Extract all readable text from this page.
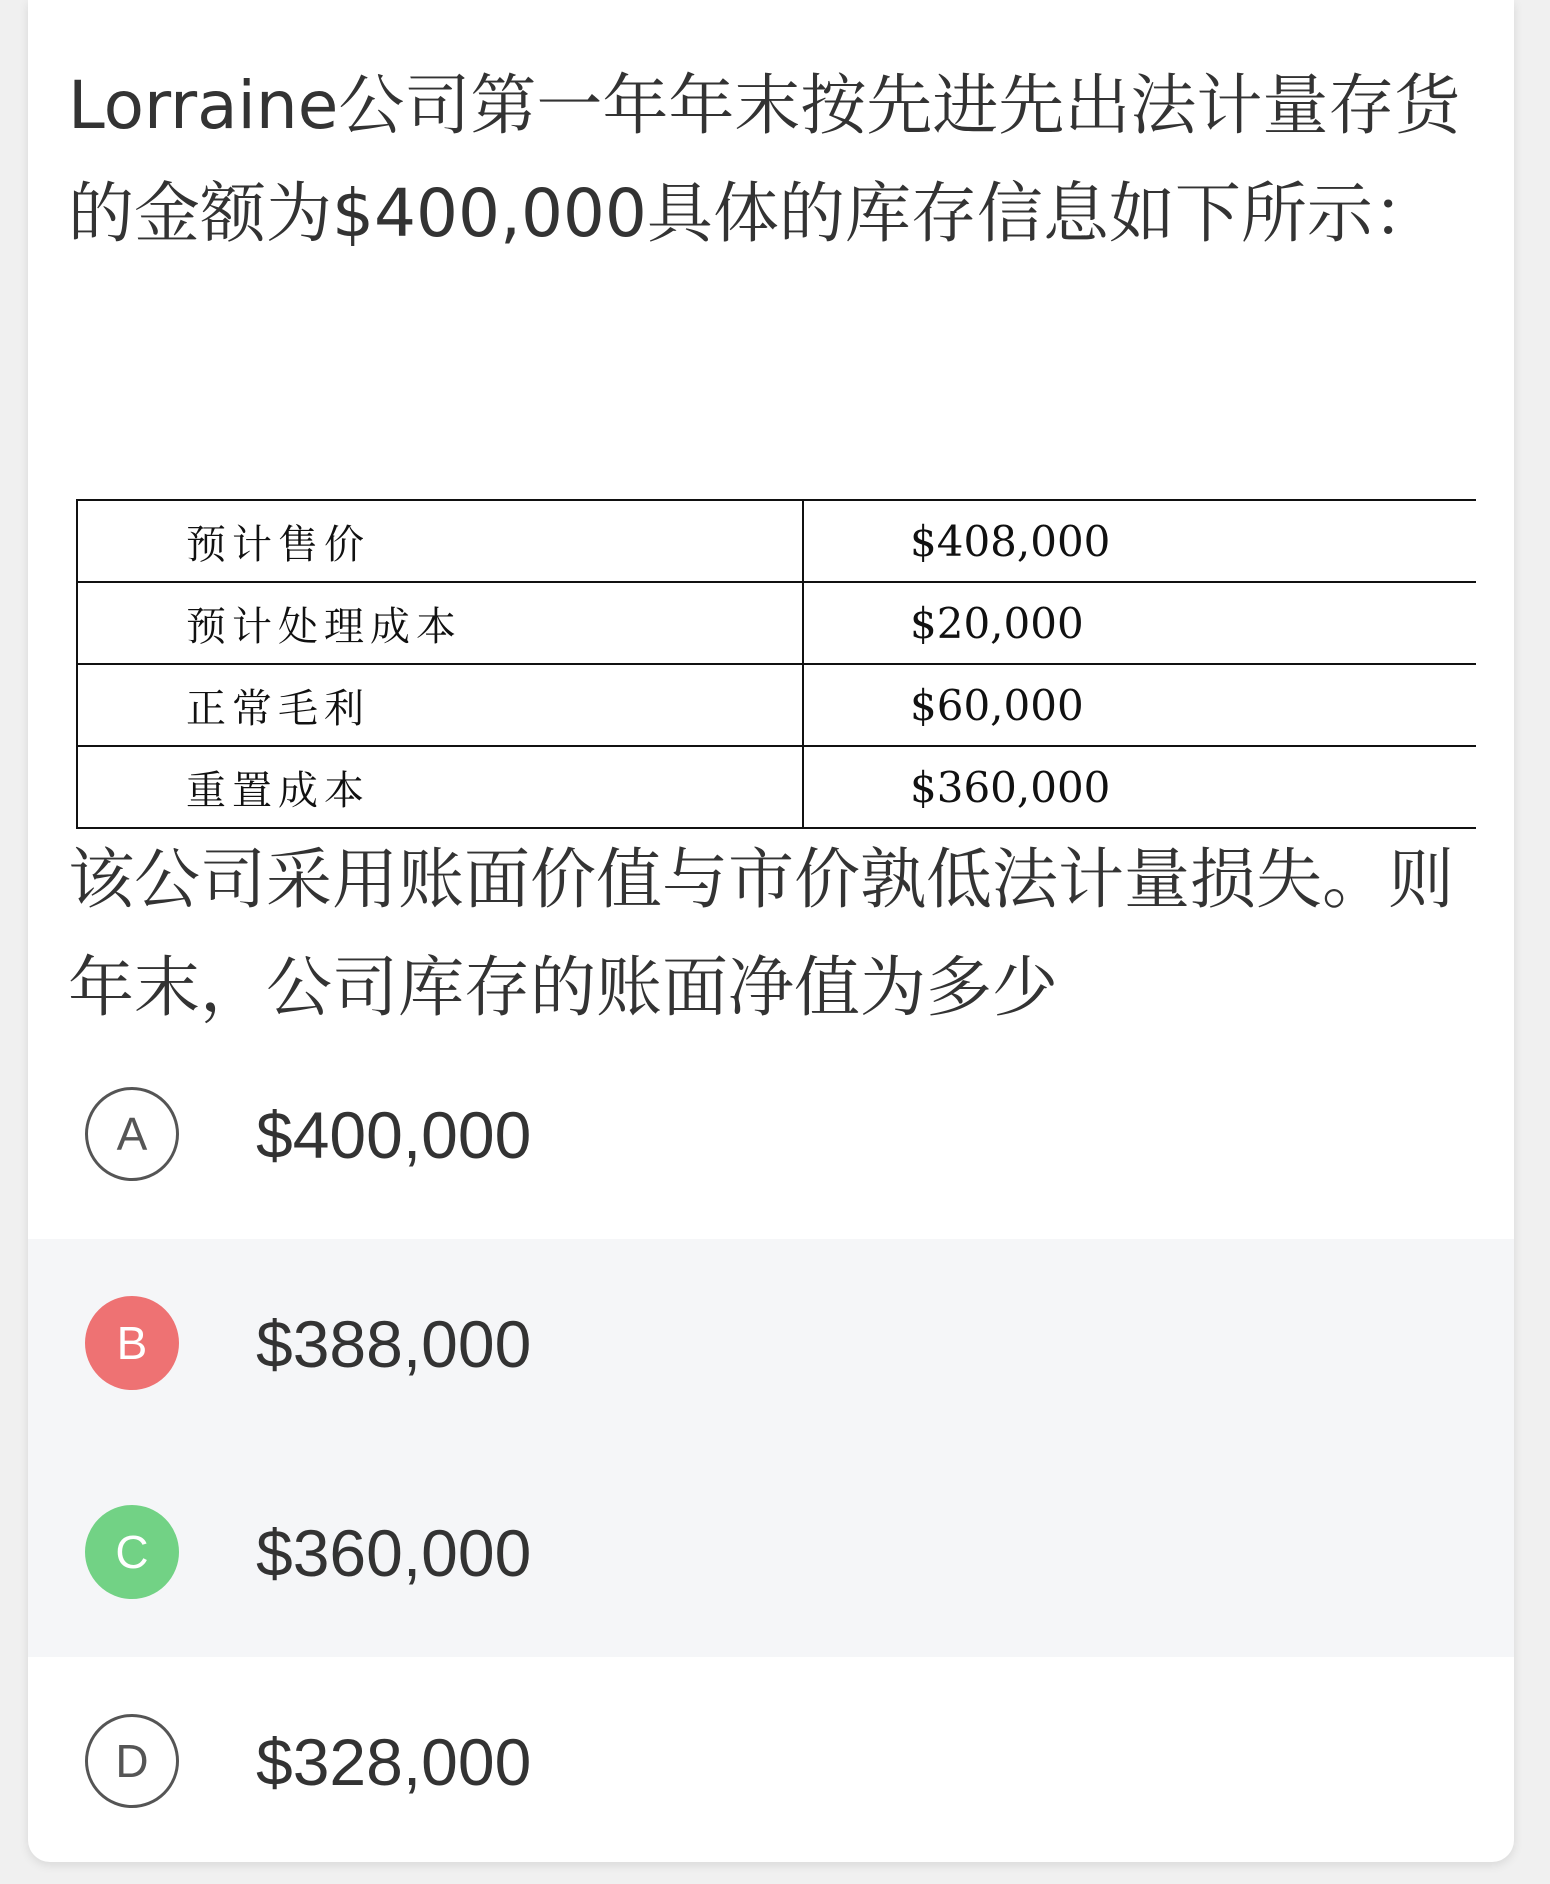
Lorraine公司第一年年末按先进先出法计量存货的金额为$400,000具体的库存信息如下所示：

预计售价	$408,000
预计处理成本	$20,000
正常毛利	$60,000
重置成本	$360,000

该公司采用账面价值与市价孰低法计量损失。则年末，公司库存的账面净值为多少

A	$400,000
B	$388,000
C	$360,000
D	$328,000
